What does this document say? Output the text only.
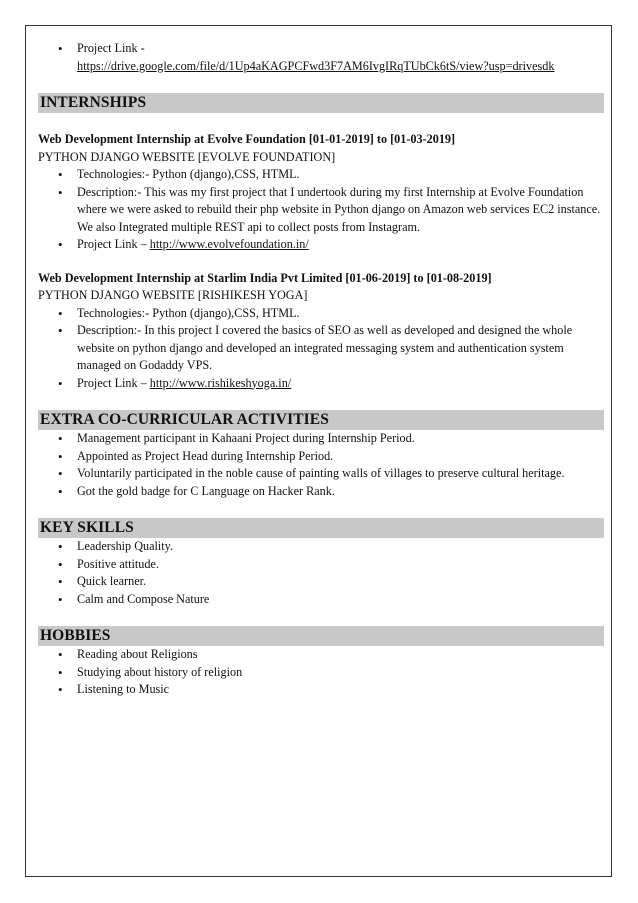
• Project Link -
https://drive.google.com/file/d/1Up4aKAGPCFwd3F7AM6IvgIRqTUbCk6tS/view?usp=drivesdk
INTERNSHIPS
Web Development Internship at Evolve Foundation [01-01-2019] to [01-03-2019]
PYTHON DJANGO WEBSITE [EVOLVE FOUNDATION]
• Technologies:- Python (django),CSS, HTML.
• Description:- This was my first project that I undertook during my first Internship at Evolve Foundation where we were asked to rebuild their php website in Python django on Amazon web services EC2 instance. We also Integrated multiple REST api to collect posts from Instagram.
• Project Link – http://www.evolvefoundation.in/
Web Development Internship at Starlim India Pvt Limited [01-06-2019] to [01-08-2019]
PYTHON DJANGO WEBSITE [RISHIKESH YOGA]
• Technologies:- Python (django),CSS, HTML.
• Description:- In this project I covered the basics of SEO as well as developed and designed the whole website on python django and developed an integrated messaging system and authentication system managed on Godaddy VPS.
• Project Link – http://www.rishikeshyoga.in/
EXTRA CO-CURRICULAR ACTIVITIES
• Management participant in Kahaani Project during Internship Period.
• Appointed as Project Head during Internship Period.
• Voluntarily participated in the noble cause of painting walls of villages to preserve cultural heritage.
• Got the gold badge for C Language on Hacker Rank.
KEY SKILLS
• Leadership Quality.
• Positive attitude.
• Quick learner.
• Calm and Compose Nature
HOBBIES
• Reading about Religions
• Studying about history of religion
• Listening to Music
